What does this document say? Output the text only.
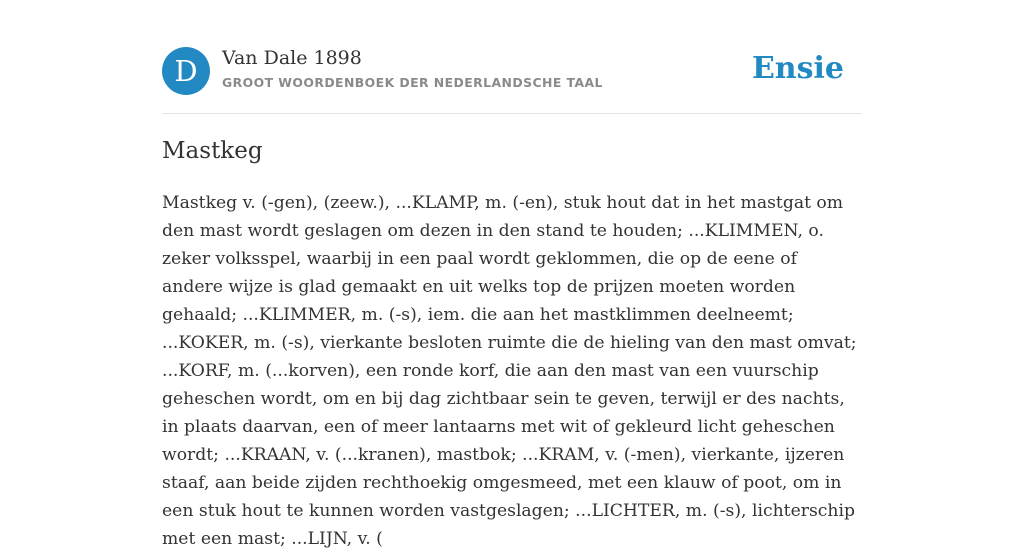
D	Van Dale 1898
GROOT WOORDENBOEK DER NEDERLANDSCHE TAAL	Ensie
Mastkeg

Mastkeg v. (-gen), (zeew.), ...KLAMP, m. (-en), stuk hout dat in het mastgat om den mast wordt geslagen om dezen in den stand te houden; ...KLIMMEN, o. zeker volksspel, waarbij in een paal wordt geklommen, die op de eene of andere wijze is glad gemaakt en uit welks top de prijzen moeten worden gehaald; ...KLIMMER, m. (-s), iem. die aan het mastklimmen deelneemt; ...KOKER, m. (-s), vierkante besloten ruimte die de hieling van den mast omvat; ...KORF, m. (...korven), een ronde korf, die aan den mast van een vuurschip geheschen wordt, om en bij dag zichtbaar sein te geven, terwijl er des nachts, in plaats daarvan, een of meer lantaarns met wit of gekleurd licht geheschen wordt; ...KRAAN, v. (...kranen), mastbok; ...KRAM, v. (-men), vierkante, ijzeren staaf, aan beide zijden rechthoekig omgesmeed, met een klauw of poot, om in een stuk hout te kunnen worden vastgeslagen; ...LICHTER, m. (-s), lichterschip met een mast; ...LIJN, v. (
